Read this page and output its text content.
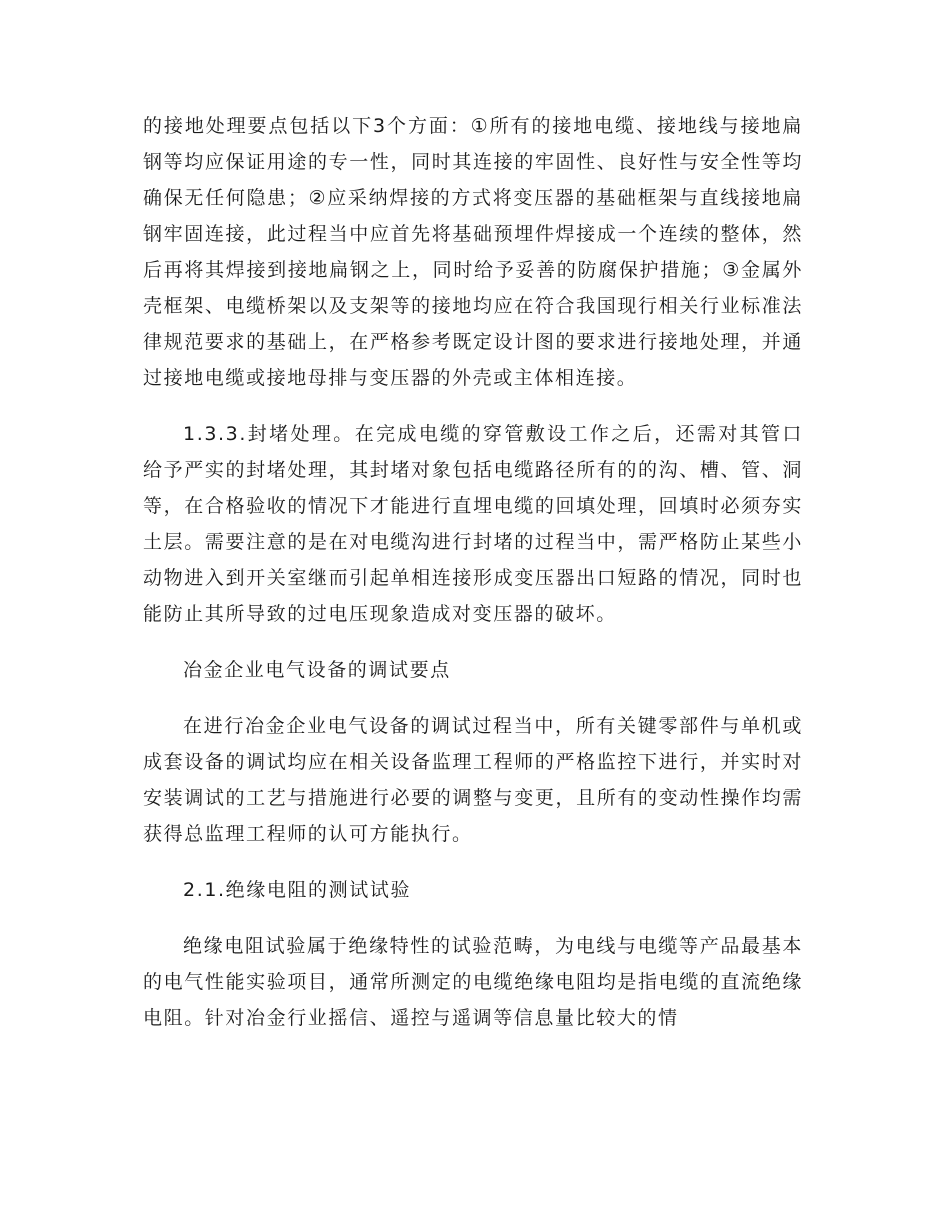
的接地处理要点包括以下3个方面：①所有的接地电缆、接地线与接地扁钢等均应保证用途的专一性，同时其连接的牢固性、良好性与安全性等均确保无任何隐患；②应采纳焊接的方式将变压器的基础框架与直线接地扁钢牢固连接，此过程当中应首先将基础预埋件焊接成一个连续的整体，然后再将其焊接到接地扁钢之上，同时给予妥善的防腐保护措施；③金属外壳框架、电缆桥架以及支架等的接地均应在符合我国现行相关行业标准法律规范要求的基础上，在严格参考既定设计图的要求进行接地处理，并通过接地电缆或接地母排与变压器的外壳或主体相连接。

1.3.3.封堵处理。在完成电缆的穿管敷设工作之后，还需对其管口给予严实的封堵处理，其封堵对象包括电缆路径所有的的沟、槽、管、洞等，在合格验收的情况下才能进行直埋电缆的回填处理，回填时必须夯实土层。需要注意的是在对电缆沟进行封堵的过程当中，需严格防止某些小动物进入到开关室继而引起单相连接形成变压器出口短路的情况，同时也能防止其所导致的过电压现象造成对变压器的破坏。

冶金企业电气设备的调试要点

在进行冶金企业电气设备的调试过程当中，所有关键零部件与单机或成套设备的调试均应在相关设备监理工程师的严格监控下进行，并实时对安装调试的工艺与措施进行必要的调整与变更，且所有的变动性操作均需获得总监理工程师的认可方能执行。

2.1.绝缘电阻的测试试验

绝缘电阻试验属于绝缘特性的试验范畴，为电线与电缆等产品最基本的电气性能实验项目，通常所测定的电缆绝缘电阻均是指电缆的直流绝缘电阻。针对冶金行业摇信、遥控与遥调等信息量比较大的情
